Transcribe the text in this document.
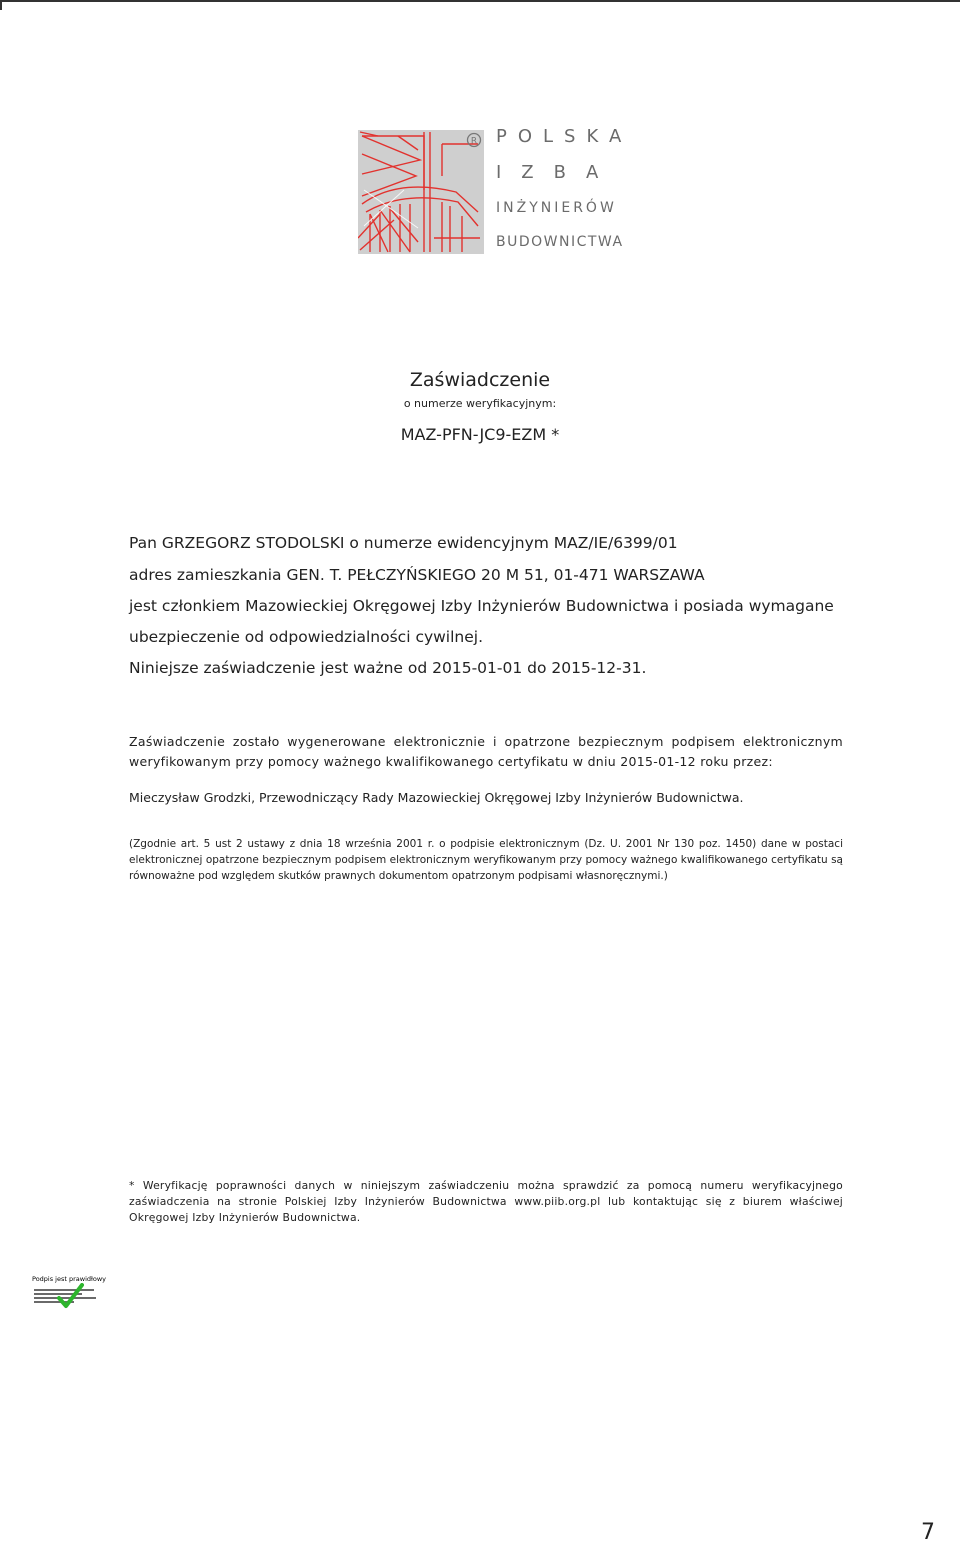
R POLSKA
IZBA
INŻYNIERÓW
BUDOWNICTWA
Zaświadczenie
o numerze weryfikacyjnym:
MAZ-PFN-JC9-EZM *
Pan GRZEGORZ STODOLSKI o numerze ewidencyjnym MAZ/IE/6399/01
adres zamieszkania GEN. T. PEŁCZYŃSKIEGO 20 M 51, 01-471 WARSZAWA
jest członkiem Mazowieckiej Okręgowej Izby Inżynierów Budownictwa i posiada wymagane
ubezpieczenie od odpowiedzialności cywilnej.
Niniejsze zaświadczenie jest ważne od 2015-01-01 do 2015-12-31.
Zaświadczenie zostało wygenerowane elektronicznie i opatrzone bezpiecznym podpisem elektronicznym weryfikowanym przy pomocy ważnego kwalifikowanego certyfikatu w dniu 2015-01-12 roku przez:
Mieczysław Grodzki, Przewodniczący Rady Mazowieckiej Okręgowej Izby Inżynierów Budownictwa.
(Zgodnie art. 5 ust 2 ustawy z dnia 18 września 2001 r. o podpisie elektronicznym (Dz. U. 2001 Nr 130 poz. 1450) dane w postaci elektronicznej opatrzone bezpiecznym podpisem elektronicznym weryfikowanym przy pomocy ważnego kwalifikowanego certyfikatu są równoważne pod względem skutków prawnych dokumentom opatrzonym podpisami własnoręcznymi.)
* Weryfikację poprawności danych w niniejszym zaświadczeniu można sprawdzić za pomocą numeru weryfikacyjnego zaświadczenia na stronie Polskiej Izby Inżynierów Budownictwa www.piib.org.pl lub kontaktując się z biurem właściwej Okręgowej Izby Inżynierów Budownictwa.
Podpis jest prawidłowy
7
